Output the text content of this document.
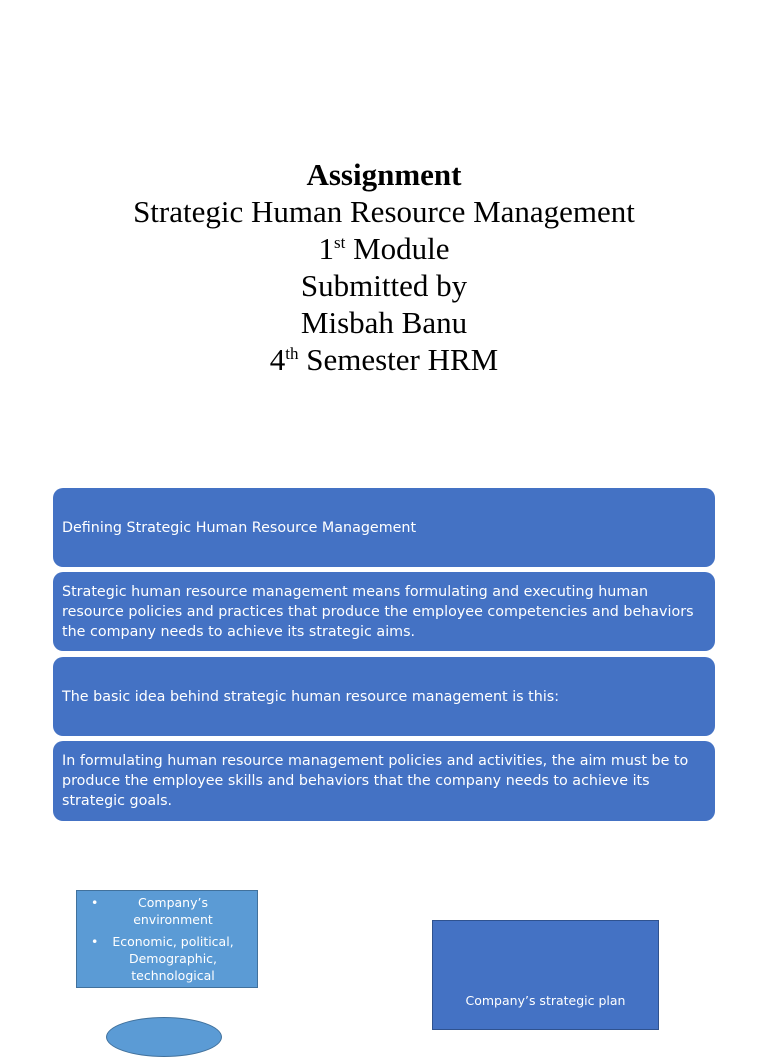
Assignment
Strategic Human Resource Management
1st Module
Submitted by
Misbah Banu
4th Semester HRM
Defining Strategic Human Resource Management
Strategic human resource management means formulating and executing human resource policies and practices that produce the employee competencies and behaviors the company needs to achieve its strategic aims.
The basic idea behind strategic human resource management is this:
In formulating human resource management policies and activities, the aim must be to produce the employee skills and behaviors that the company needs to achieve its strategic goals.
• Company’s environment
• Economic, political, Demographic, technological
Company’s strategic plan
